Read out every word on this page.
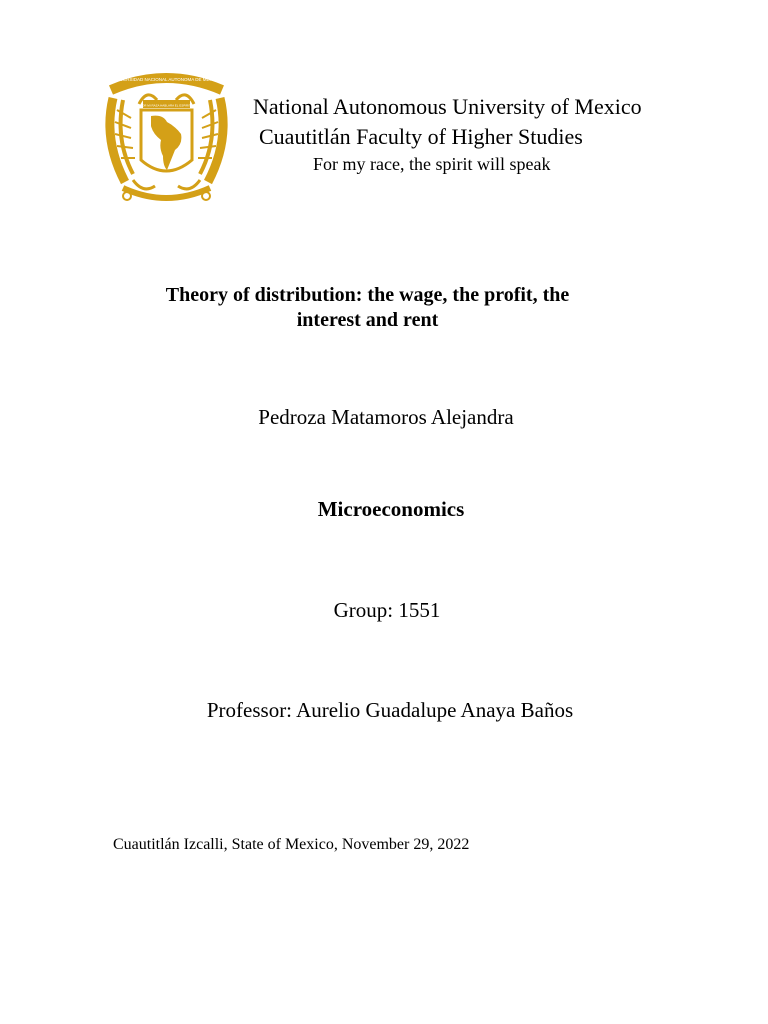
UNIVERSIDAD NACIONAL AUTONOMA DE MEXICO
POR MI RAZA HABLARA EL ESPIRITU	National Autonomous University of Mexico
Cuautitlán Faculty of Higher Studies
For my race, the spirit will speak
Theory of distribution: the wage, the profit, the
interest and rent
Pedroza Matamoros Alejandra
Microeconomics
Group: 1551
Professor: Aurelio Guadalupe Anaya Baños
Cuautitlán Izcalli, State of Mexico, November 29, 2022
